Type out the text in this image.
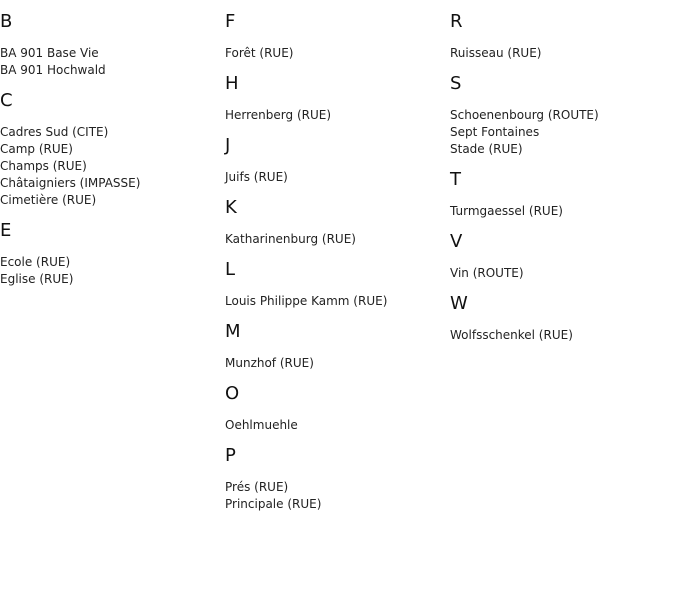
B
BA 901 Base Vie
BA 901 Hochwald
C
Cadres Sud (CITE)
Camp (RUE)
Champs (RUE)
Châtaigniers (IMPASSE)
Cimetière (RUE)
E
Ecole (RUE)
Eglise (RUE)
F
Forêt (RUE)
H
Herrenberg (RUE)
J
Juifs (RUE)
K
Katharinenburg (RUE)
L
Louis Philippe Kamm (RUE)
M
Munzhof (RUE)
O
Oehlmuehle
P
Prés (RUE)
Principale (RUE)
R
Ruisseau (RUE)
S
Schoenenbourg (ROUTE)
Sept Fontaines
Stade (RUE)
T
Turmgaessel (RUE)
V
Vin (ROUTE)
W
Wolfsschenkel (RUE)
